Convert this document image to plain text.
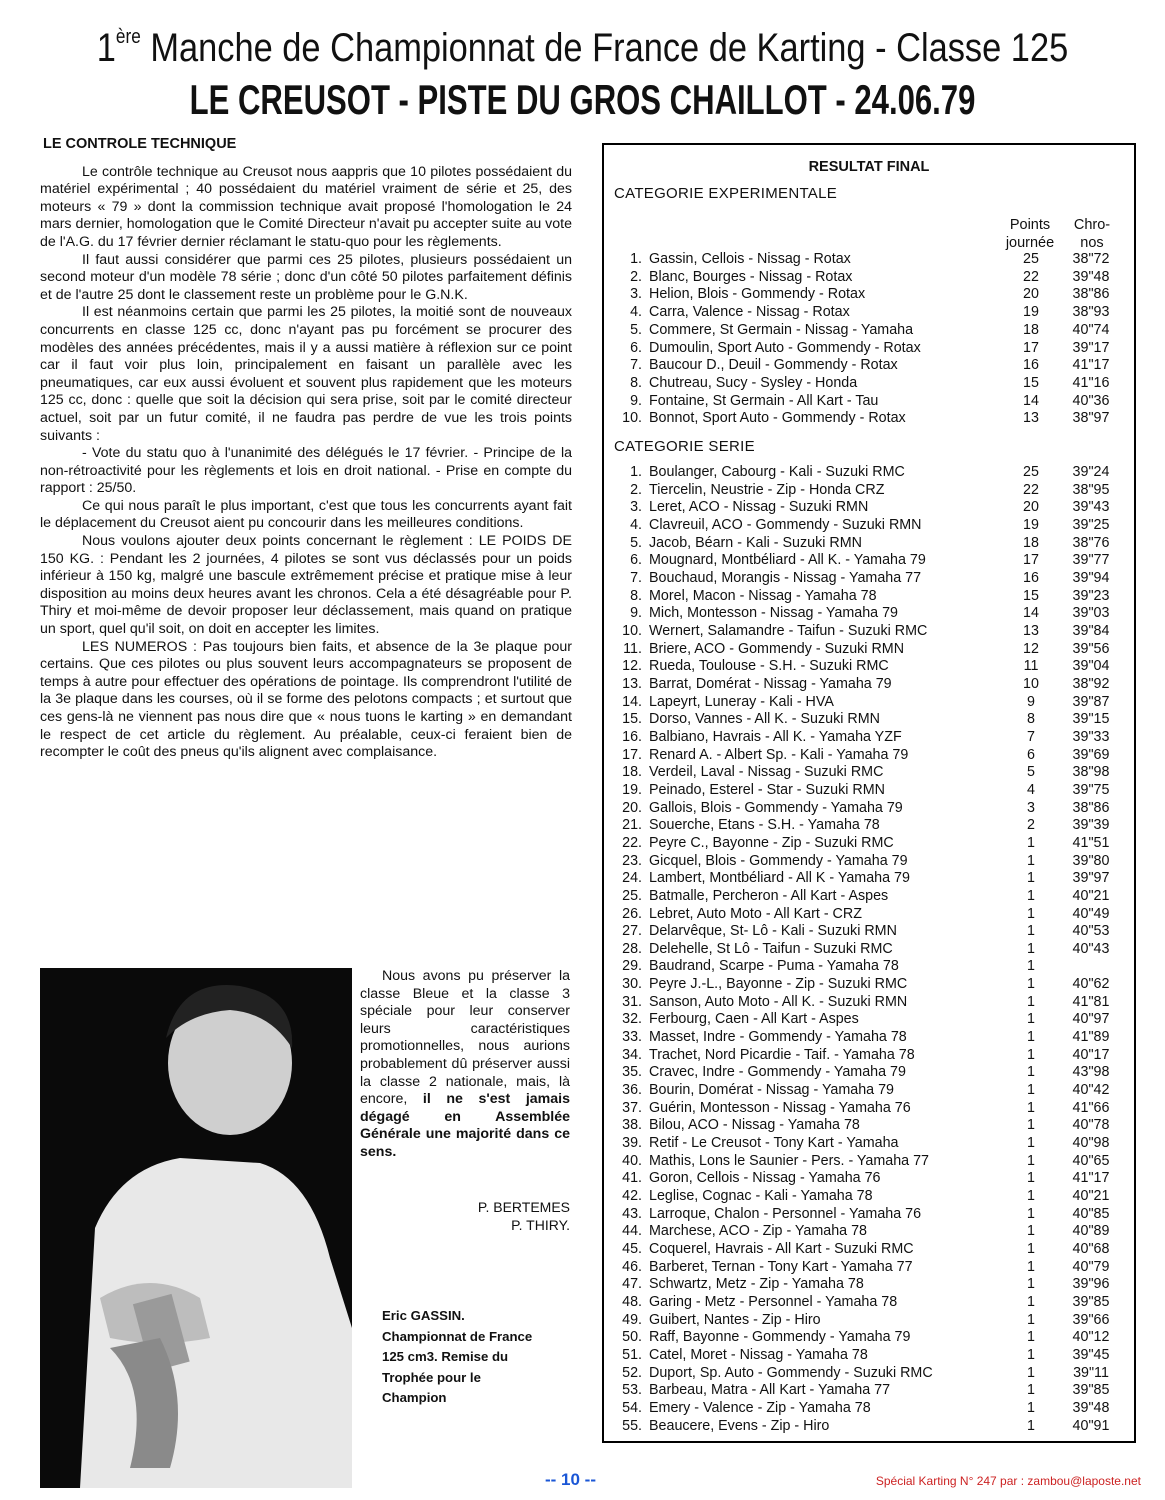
1ère Manche de Championnat de France de Karting - Classe 125
LE CREUSOT - PISTE DU GROS CHAILLOT - 24.06.79
LE CONTROLE TECHNIQUE

Le contrôle technique au Creusot nous aappris que 10 pilotes possédaient du matériel expérimental ; 40 possédaient du matériel vraiment de série et 25, des moteurs « 79 » dont la commission technique avait proposé l'homologation le 24 mars dernier, homologation que le Comité Directeur n'avait pu accepter suite au vote de l'A.G. du 17 février dernier réclamant le statu-quo pour les règlements.

Il faut aussi considérer que parmi ces 25 pilotes, plusieurs possédaient un second moteur d'un modèle 78 série ; donc d'un côté 50 pilotes parfaitement définis et de l'autre 25 dont le classement reste un problème pour le G.N.K.

Il est néanmoins certain que parmi les 25 pilotes, la moitié sont de nouveaux concurrents en classe 125 cc, donc n'ayant pas pu forcément se procurer des modèles des années précédentes, mais il y a aussi matière à réflexion sur ce point car il faut voir plus loin, principalement en faisant un parallèle avec les pneumatiques, car eux aussi évoluent et souvent plus rapidement que les moteurs 125 cc, donc : quelle que soit la décision qui sera prise, soit par le comité directeur actuel, soit par un futur comité, il ne faudra pas perdre de vue les trois points suivants :

- Vote du statu quo à l'unanimité des délégués le 17 février. - Principe de la non-rétroactivité pour les règlements et lois en droit national. - Prise en compte du rapport : 25/50.

Ce qui nous paraît le plus important, c'est que tous les concurrents ayant fait le déplacement du Creusot aient pu concourir dans les meilleures conditions.

Nous voulons ajouter deux points concernant le règlement : LE POIDS DE 150 KG. : Pendant les 2 journées, 4 pilotes se sont vus déclassés pour un poids inférieur à 150 kg, malgré une bascule extrêmement précise et pratique mise à leur disposition au moins deux heures avant les chronos. Cela a été désagréable pour P. Thiry et moi-même de devoir proposer leur déclassement, mais quand on pratique un sport, quel qu'il soit, on doit en accepter les limites.

LES NUMEROS : Pas toujours bien faits, et absence de la 3e plaque pour certains. Que ces pilotes ou plus souvent leurs accompagnateurs se proposent de temps à autre pour effectuer des opérations de pointage. Ils comprendront l'utilité de la 3e plaque dans les courses, où il se forme des pelotons compacts ; et surtout que ces gens-là ne viennent pas nous dire que « nous tuons le karting » en demandant le respect de cet article du règlement. Au préalable, ceux-ci feraient bien de recompter le coût des pneus qu'ils alignent avec complaisance.

Nous avons pu préserver la classe Bleue et la classe 3 spéciale pour leur conserver leurs caractéristiques promotionnelles, nous aurions probablement dû préserver aussi la classe 2 nationale, mais, là encore, il ne s'est jamais dégagé en Assemblée Générale une majorité dans ce sens.

P. BERTEMES
P. THIRY.
Eric GASSIN. Championnat de France 125 cm3. Remise du Trophée pour le Champion
RESULTAT FINAL
CATEGORIE EXPERIMENTALE
Points journée
Chro- nos
1. Gassin, Cellois - Nissag - Rotax	25	38"72
2. Blanc, Bourges - Nissag - Rotax	22	39"48
3. Helion, Blois - Gommendy - Rotax	20	38"86
4. Carra, Valence - Nissag - Rotax	19	38"93
5. Commere, St Germain - Nissag - Yamaha	18	40"74
6. Dumoulin, Sport Auto - Gommendy - Rotax	17	39"17
7. Baucour D., Deuil - Gommendy - Rotax	16	41"17
8. Chutreau, Sucy - Sysley - Honda	15	41"16
9. Fontaine, St Germain - All Kart - Tau	14	40"36
10. Bonnot, Sport Auto - Gommendy - Rotax	13	38"97
CATEGORIE SERIE
1. Boulanger, Cabourg - Kali - Suzuki RMC	25	39"24
2. Tiercelin, Neustrie - Zip - Honda CRZ	22	38"95
3. Leret, ACO - Nissag - Suzuki RMN	20	39"43
4. Clavreuil, ACO - Gommendy - Suzuki RMN	19	39"25
5. Jacob, Béarn - Kali - Suzuki RMN	18	38"76
6. Mougnard, Montbéliard - All K. - Yamaha 79	17	39"77
7. Bouchaud, Morangis - Nissag - Yamaha 77	16	39"94
8. Morel, Macon - Nissag - Yamaha 78	15	39"23
9. Mich, Montesson - Nissag - Yamaha 79	14	39"03
10. Wernert, Salamandre - Taifun - Suzuki RMC	13	39"84
11. Briere, ACO - Gommendy - Suzuki RMN	12	39"56
12. Rueda, Toulouse - S.H. - Suzuki RMC	11	39"04
13. Barrat, Domérat - Nissag - Yamaha 79	10	38"92
14. Lapeyrt, Luneray - Kali - HVA	9	39"87
15. Dorso, Vannes - All K. - Suzuki RMN	8	39"15
16. Balbiano, Havrais - All K. - Yamaha YZF	7	39"33
17. Renard A. - Albert Sp. - Kali - Yamaha 79	6	39"69
18. Verdeil, Laval - Nissag - Suzuki RMC	5	38"98
19. Peinado, Esterel - Star - Suzuki RMN	4	39"75
20. Gallois, Blois - Gommendy - Yamaha 79	3	38"86
21. Souerche, Etans - S.H. - Yamaha 78	2	39"39
22. Peyre C., Bayonne - Zip - Suzuki RMC	1	41"51
23. Gicquel, Blois - Gommendy - Yamaha 79	1	39"80
24. Lambert, Montbéliard - All K - Yamaha 79	1	39"97
25. Batmalle, Percheron - All Kart - Aspes	1	40"21
26. Lebret, Auto Moto - All Kart - CRZ	1	40"49
27. Delarvêque, St- Lô - Kali - Suzuki RMN	1	40"53
28. Delehelle, St Lô - Taifun - Suzuki RMC	1	40"43
29. Baudrand, Scarpe - Puma - Yamaha 78	1
30. Peyre J.-L., Bayonne - Zip - Suzuki RMC	1	40"62
31. Sanson, Auto Moto - All K. - Suzuki RMN	1	41"81
32. Ferbourg, Caen - All Kart - Aspes	1	40"97
33. Masset, Indre - Gommendy - Yamaha 78	1	41"89
34. Trachet, Nord Picardie - Taif. - Yamaha 78	1	40"17
35. Cravec, Indre - Gommendy - Yamaha 79	1	43"98
36. Bourin, Domérat - Nissag - Yamaha 79	1	40"42
37. Guérin, Montesson - Nissag - Yamaha 76	1	41"66
38. Bilou, ACO - Nissag - Yamaha 78	1	40"78
39. Retif - Le Creusot - Tony Kart - Yamaha	1	40"98
40. Mathis, Lons le Saunier - Pers. - Yamaha 77	1	40"65
41. Goron, Cellois - Nissag - Yamaha 76	1	41"17
42. Leglise, Cognac - Kali - Yamaha 78	1	40"21
43. Larroque, Chalon - Personnel - Yamaha 76	1	40"85
44. Marchese, ACO - Zip - Yamaha 78	1	40"89
45. Coquerel, Havrais - All Kart - Suzuki RMC	1	40"68
46. Barberet, Ternan - Tony Kart - Yamaha 77	1	40"79
47. Schwartz, Metz - Zip - Yamaha 78	1	39"96
48. Garing - Metz - Personnel - Yamaha 78	1	39"85
49. Guibert, Nantes - Zip - Hiro	1	39"66
50. Raff, Bayonne - Gommendy - Yamaha 79	1	40"12
51. Catel, Moret - Nissag - Yamaha 78	1	39"45
52. Duport, Sp. Auto - Gommendy - Suzuki RMC	1	39"11
53. Barbeau, Matra - All Kart - Yamaha 77	1	39"85
54. Emery - Valence - Zip - Yamaha 78	1	39"48
55. Beaucere, Evens - Zip - Hiro	1	40"91
-- 10 --	Spécial Karting N° 247 par : zambou@laposte.net
